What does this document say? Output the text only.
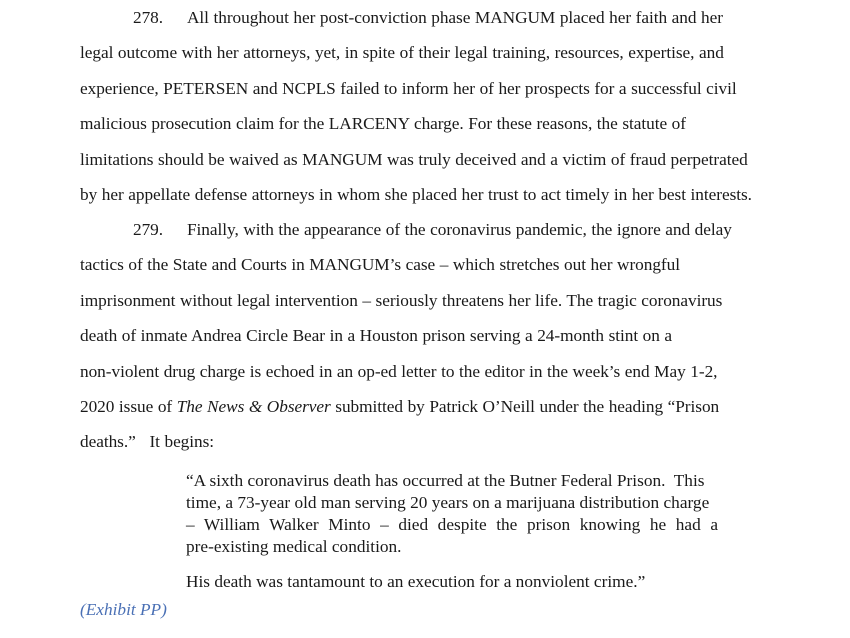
278. All throughout her post-conviction phase MANGUM placed her faith and her
legal outcome with her attorneys, yet, in spite of their legal training, resources, expertise, and
experience, PETERSEN and NCPLS failed to inform her of her prospects for a successful civil
malicious prosecution claim for the LARCENY charge. For these reasons, the statute of
limitations should be waived as MANGUM was truly deceived and a victim of fraud perpetrated
by her appellate defense attorneys in whom she placed her trust to act timely in her best interests.
279. Finally, with the appearance of the coronavirus pandemic, the ignore and delay
tactics of the State and Courts in MANGUM’s case – which stretches out her wrongful
imprisonment without legal intervention – seriously threatens her life. The tragic coronavirus
death of inmate Andrea Circle Bear in a Houston prison serving a 24-month stint on a
non-violent drug charge is echoed in an op-ed letter to the editor in the week’s end May 1-2,
2020 issue of The News & Observer submitted by Patrick O’Neill under the heading “Prison
deaths.”   It begins:

“A sixth coronavirus death has occurred at the Butner Federal Prison.  This
time, a 73-year old man serving 20 years on a marijuana distribution charge
– William Walker Minto – died despite the prison knowing he had a
pre-existing medical condition.

His death was tantamount to an execution for a nonviolent crime.”

(Exhibit PP)
